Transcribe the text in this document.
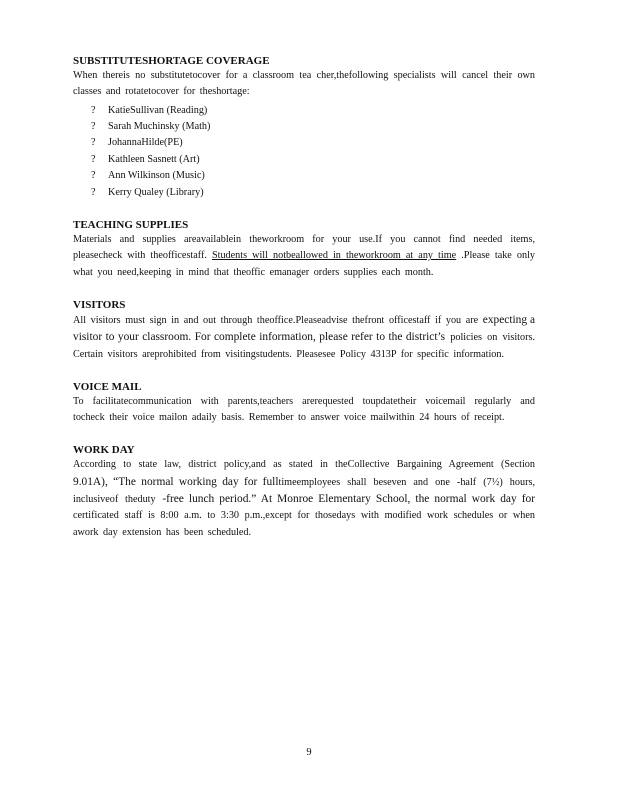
SUBSTITUTESHORTAGE COVERAGE

When thereis no substitutetocover for a classroom tea cher,thefollowing specialists will cancel their own classes and rotatetocover for theshortage:

?	KatieSullivan (Reading)
?	Sarah Muchinsky (Math)
?	JohannaHilde(PE)
?	Kathleen Sasnett (Art)
?	Ann Wilkinson (Music)
?	Kerry Qualey (Library)
TEACHING SUPPLIES

Materials and supplies areavailablein theworkroom for your use.If you cannot find needed items, pleasecheck with theofficestaff. Students will notbeallowed in theworkroom at any time .Please take only what you need,keeping in mind that theoffic emanager orders supplies each month.

VISITORS

All visitors must sign in and out through theoffice.Pleaseadvise thefront officestaff if you are expecting a visitor to your classroom. For complete information, please refer to the district’s policies on visitors. Certain visitors areprohibited from visitingstudents. Pleasesee Policy 4313P for specific information.

VOICE MAIL

To facilitatecommunication with parents,teachers arerequested toupdatetheir voicemail regularly and tocheck their voice mailon adaily basis. Remember to answer voice mailwithin 24 hours of receipt.

WORK DAY

According to state law, district policy,and as stated in theCollective Bargaining Agreement (Section 9.01A), “The normal working day for fulltimeemployees shall beseven and one -half (7½) hours, inclusiveof theduty -free lunch period.” At Monroe Elementary School, the normal work day for certificated staff is 8:00 a.m. to 3:30 p.m.,except for thosedays with modified work schedules or when awork day extension has been scheduled.

9
